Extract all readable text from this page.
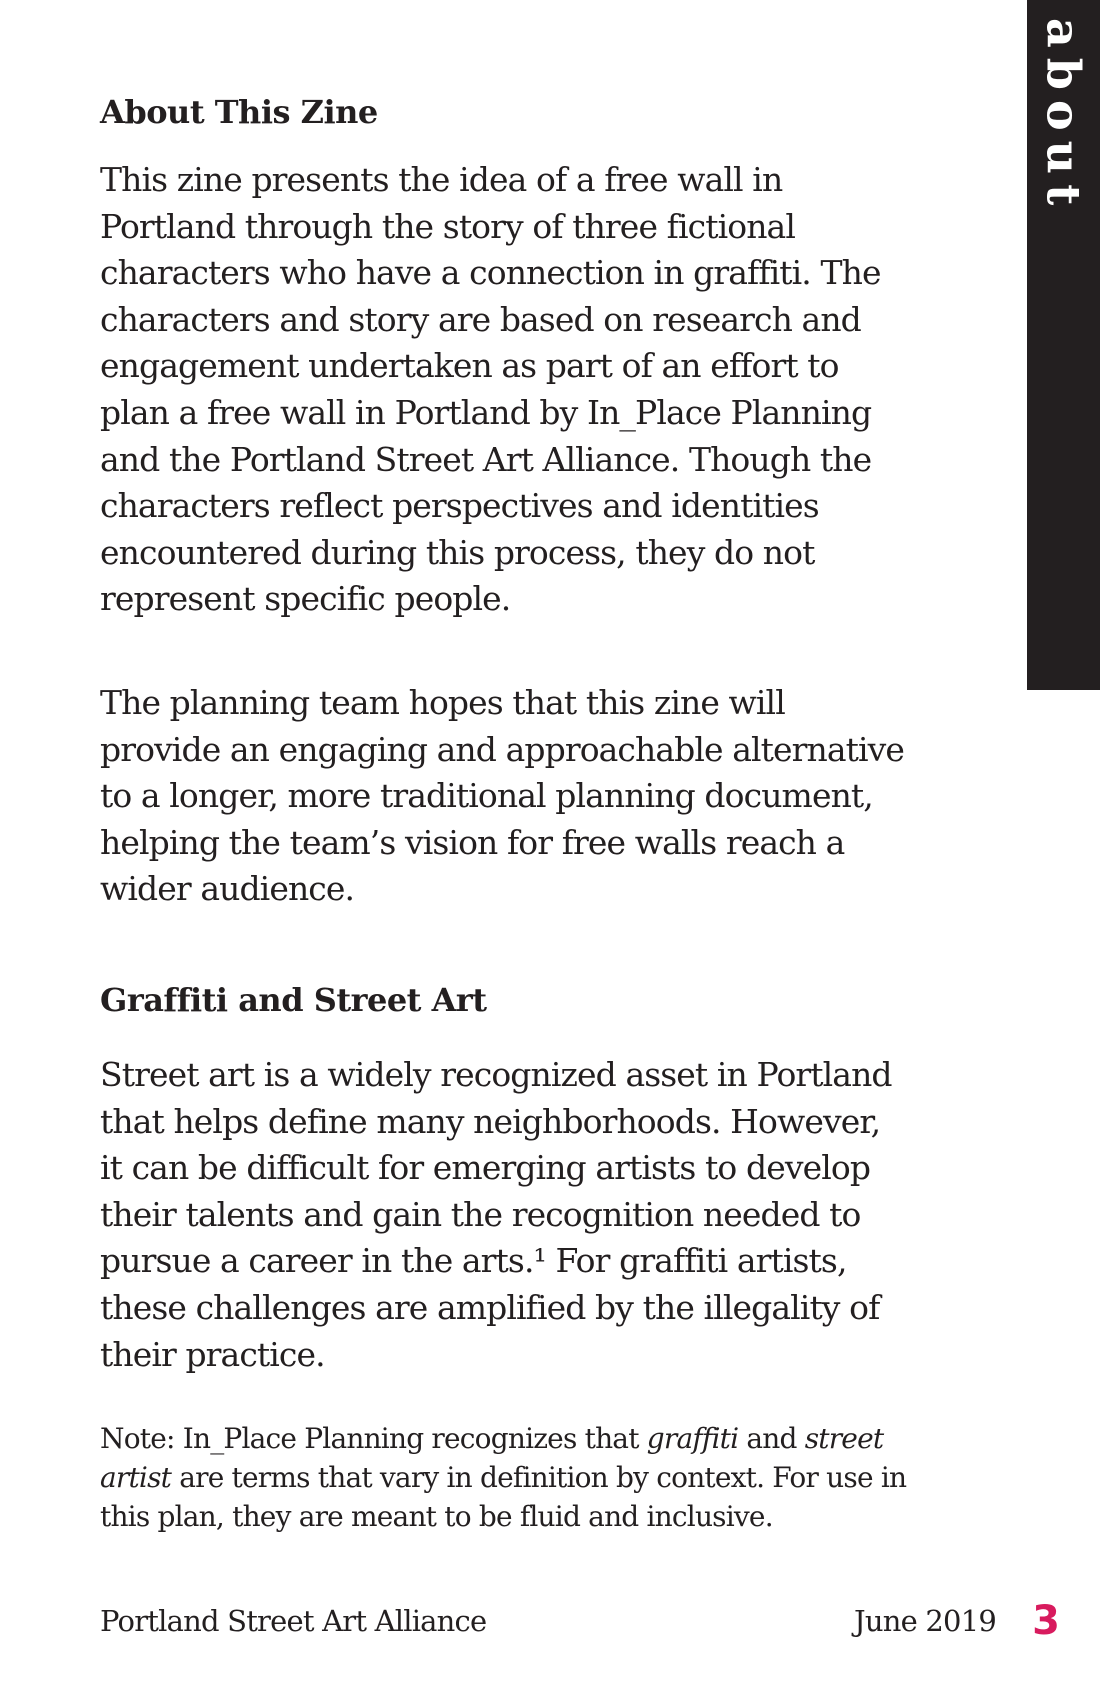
about
About This Zine

This zine presents the idea of a free wall in
Portland through the story of three fictional
characters who have a connection in graffiti. The
characters and story are based on research and
engagement undertaken as part of an effort to
plan a free wall in Portland by In_Place Planning
and the Portland Street Art Alliance. Though the
characters reflect perspectives and identities
encountered during this process, they do not
represent specific people.

The planning team hopes that this zine will
provide an engaging and approachable alternative
to a longer, more traditional planning document,
helping the team’s vision for free walls reach a
wider audience.

Graffiti and Street Art

Street art is a widely recognized asset in Portland
that helps define many neighborhoods. However,
it can be difficult for emerging artists to develop
their talents and gain the recognition needed to
pursue a career in the arts.¹ For graffiti artists,
these challenges are amplified by the illegality of
their practice.

Note: In_Place Planning recognizes that graffiti and street
artist are terms that vary in definition by context. For use in
this plan, they are meant to be fluid and inclusive.

Portland Street Art Alliance	June 2019 3
